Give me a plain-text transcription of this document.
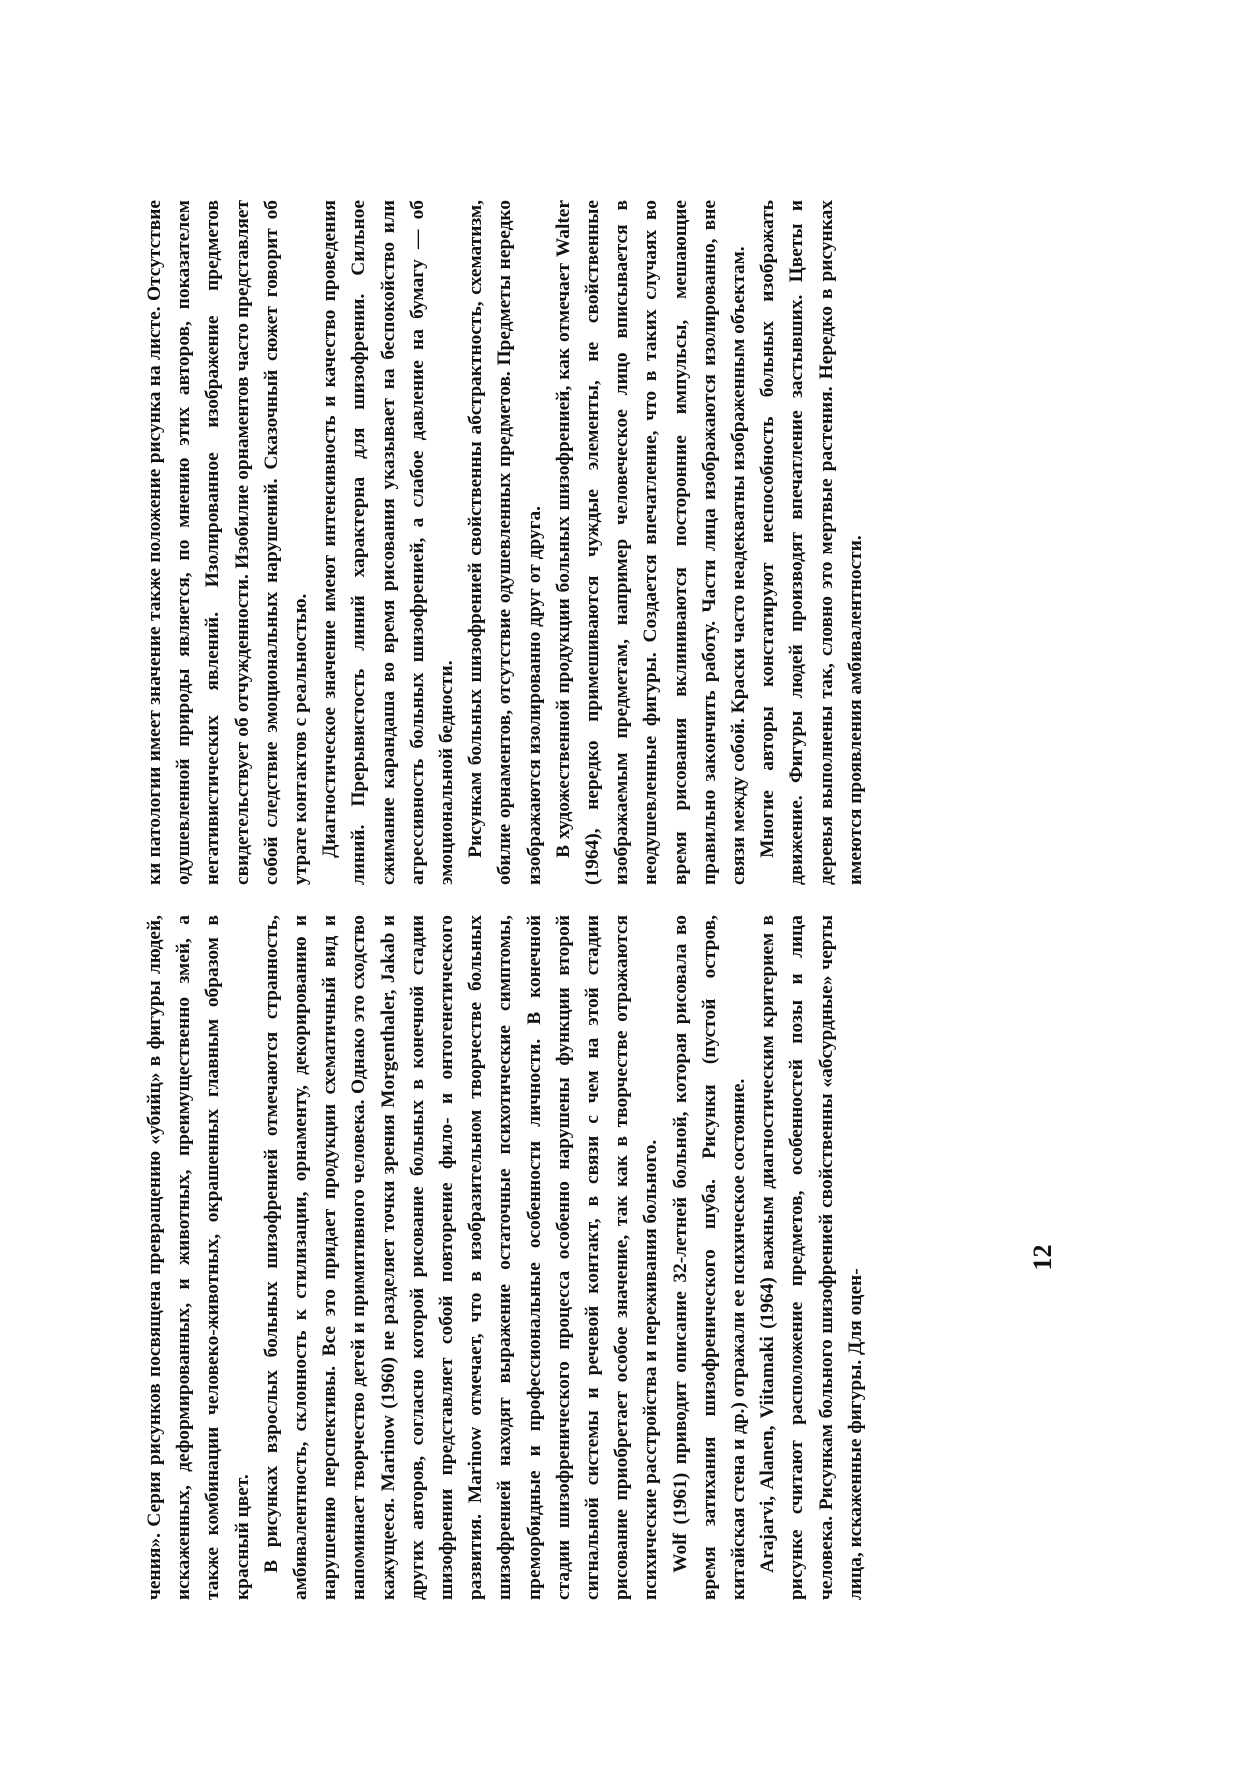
чения». Серия рисунков посвящена превращению «убийц» в фигуры людей, искаженных, деформированных, и животных, преимущественно змей, а также комбинации человеко-животных, окрашенных главным образом в красный цвет. В рисунках взрослых больных шизофренией отмечаются странность, амбивалентность, склонность к стилизации, орнаменту, декорированию и нарушению перспективы. Все это придает продукции схематичный вид и напоминает творчество детей и примитивного человека. Однако это сходство кажущееся. Marinow (1960) не разделяет точки зрения Morgenthaler, Jakab и других авторов, согласно которой рисование больных в конечной стадии шизофрении представляет собой повторение фило- и онтогенетического развития. Marinow отмечает, что в изобразительном творчестве больных шизофренией находят выражение остаточные психотические симптомы, преморбидные и профессиональные особенности личности. В конечной стадии шизофренического процесса особенно нарушены функции второй сигнальной системы и речевой контакт, в связи с чем на этой стадии рисование приобретает особое значение, так как в творчестве отражаются психические расстройства и переживания больного. Wolf (1961) приводит описание 32-летней больной, которая рисовала во время затихания шизофренического шуба. Рисунки (пустой остров, китайская стена и др.) отражали ее психическое состояние. Arajarvi, Alanen, Viitamaki (1964) важным диагностическим критерием в рисунке считают расположение предметов, особенностей позы и лица человека. Рисункам больного шизофренией свойственны «абсурдные» черты лица, искаженные фигуры. Для оцен-

ки патологии имеет значение также положение рисунка на листе. Отсутствие одушевленной природы является, по мнению этих авторов, показателем негативистических явлений. Изолированное изображение предметов свидетельствует об отчужденности. Изобилие орнаментов часто представляет собой следствие эмоциональных нарушений. Сказочный сюжет говорит об утрате контактов с реальностью. Диагностическое значение имеют интенсивность и качество проведения линий. Прерывистость линий характерна для шизофрении. Сильное сжимание карандаша во время рисования указывает на беспокойство или агрессивность больных шизофренией, а слабое давление на бумагу — об эмоциональной бедности. Рисункам больных шизофренией свойственны абстрактность, схематизм, обилие орнаментов, отсутствие одушевленных предметов. Предметы нередко изображаются изолированно друг от друга. В художественной продукции больных шизофренией, как отмечает Walter (1964), нередко примешиваются чуждые элементы, не свойственные изображаемым предметам, например человеческое лицо вписывается в неодушевленные фигуры. Создается впечатление, что в таких случаях во время рисования вклиниваются посторонние импульсы, мешающие правильно закончить работу. Части лица изображаются изолированно, вне связи между собой. Краски часто неадекватны изображенным объектам. Многие авторы констатируют неспособность больных изображать движение. Фигуры людей производят впечатление застывших. Цветы и деревья выполнены так, словно это мертвые растения. Нередко в рисунках имеются проявления амбивалентности.

12
